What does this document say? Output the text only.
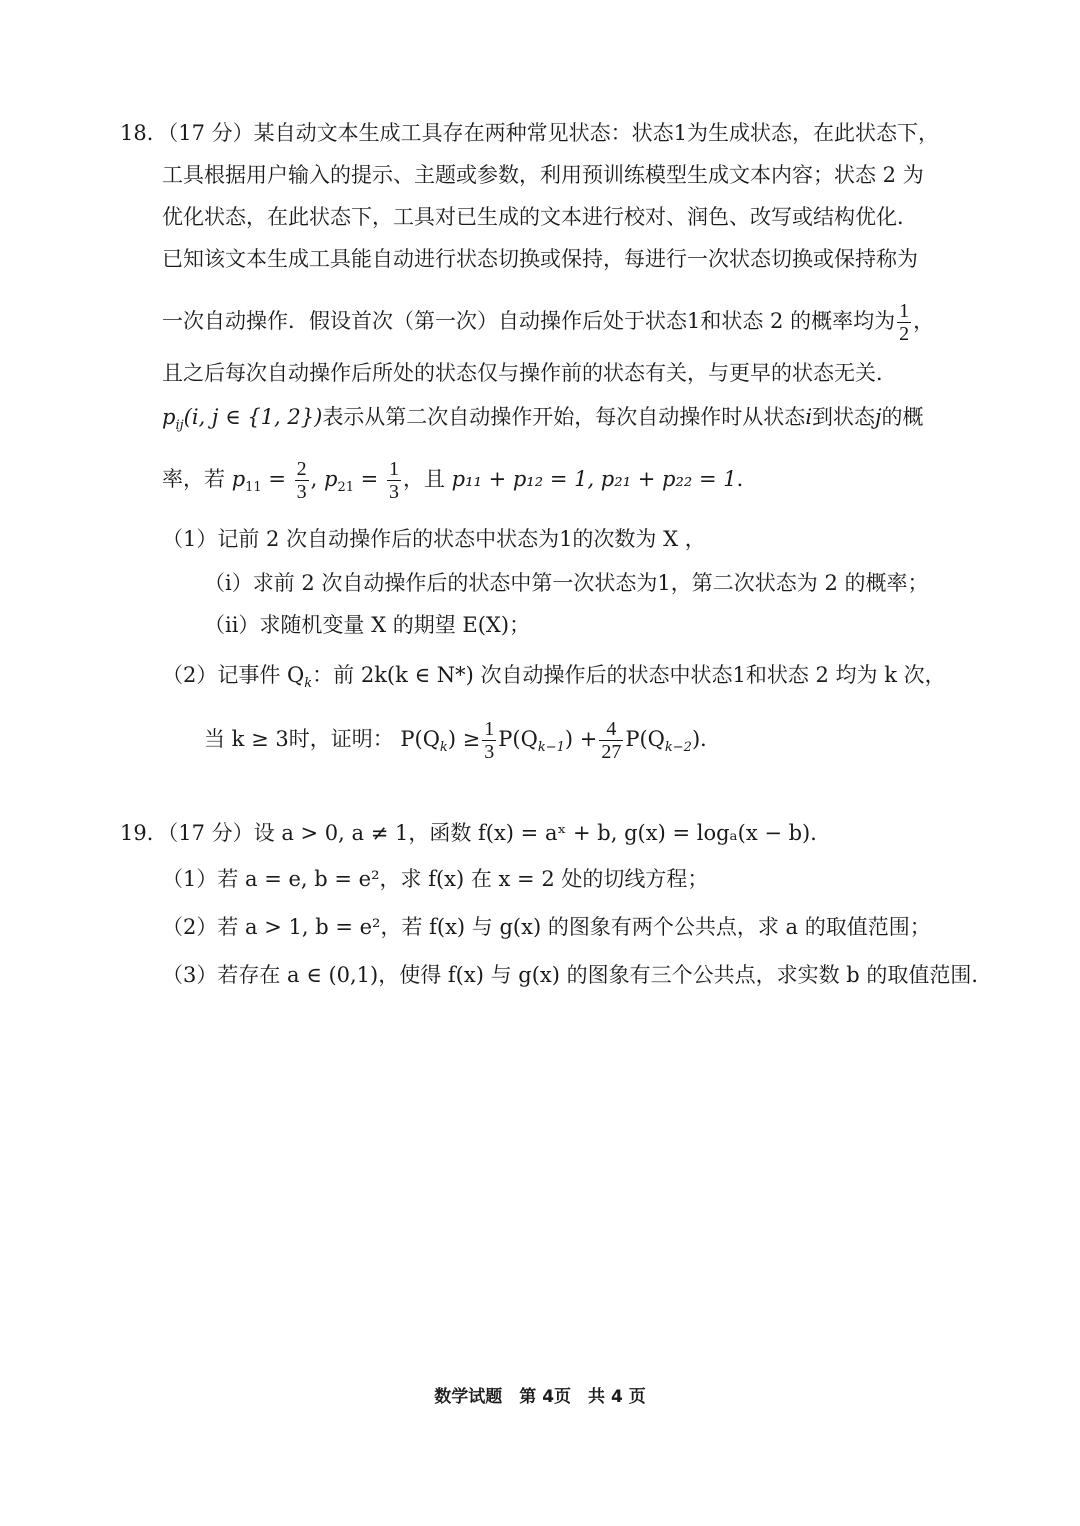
18．（17 分）某自动文本生成工具存在两种常见状态：状态1为生成状态，在此状态下，
工具根据用户输入的提示、主题或参数，利用预训练模型生成文本内容；状态 2 为
优化状态，在此状态下，工具对已生成的文本进行校对、润色、改写或结构优化．
已知该文本生成工具能自动进行状态切换或保持，每进行一次状态切换或保持称为
一次自动操作．假设首次（第一次）自动操作后处于状态1和状态 2 的概率均为 $\frac{1}{2}$ ，
且之后每次自动操作后所处的状态仅与操作前的状态有关，与更早的状态无关．
$p_{ij}(i$, j ∈ {1, 2})表示从第二次自动操作开始，每次自动操作时从状态i到状态j的概
率，若 $p_{11} = \frac{2}{3}$ , $p_{21} = \frac{1}{3}$ ，且 p₁₁ + p₁₂ = 1, p₂₁ + p₂₂ = 1．
（1）记前 2 次自动操作后的状态中状态为1的次数为 X ，
（i）求前 2 次自动操作后的状态中第一次状态为1，第二次状态为 2 的概率；
（ii）求随机变量 X 的期望 E(X)；
（2）记事件 $Q_k$：前 2k(k ∈ N*) 次自动操作后的状态中状态1和状态 2 均为 k 次，
当 k ≥ 3时，证明： $P(Q_k) \ge \frac{1}{3} P(Q_{k-1}) + \frac{4}{27} P(Q_{k-2})$．
19．（17 分）设 a > 0, a ≠ 1，函数 f(x) = aˣ + b, g(x) = logₐ(x − b)．
（1）若 a = e, b = e²，求 f(x) 在 x = 2 处的切线方程；
（2）若 a > 1, b = e²，若 f(x) 与 g(x) 的图象有两个公共点，求 a 的取值范围；
（3）若存在 a ∈ (0,1)，使得 f(x) 与 g(x) 的图象有三个公共点，求实数 b 的取值范围．
数学试题　第 4页　共 4 页
